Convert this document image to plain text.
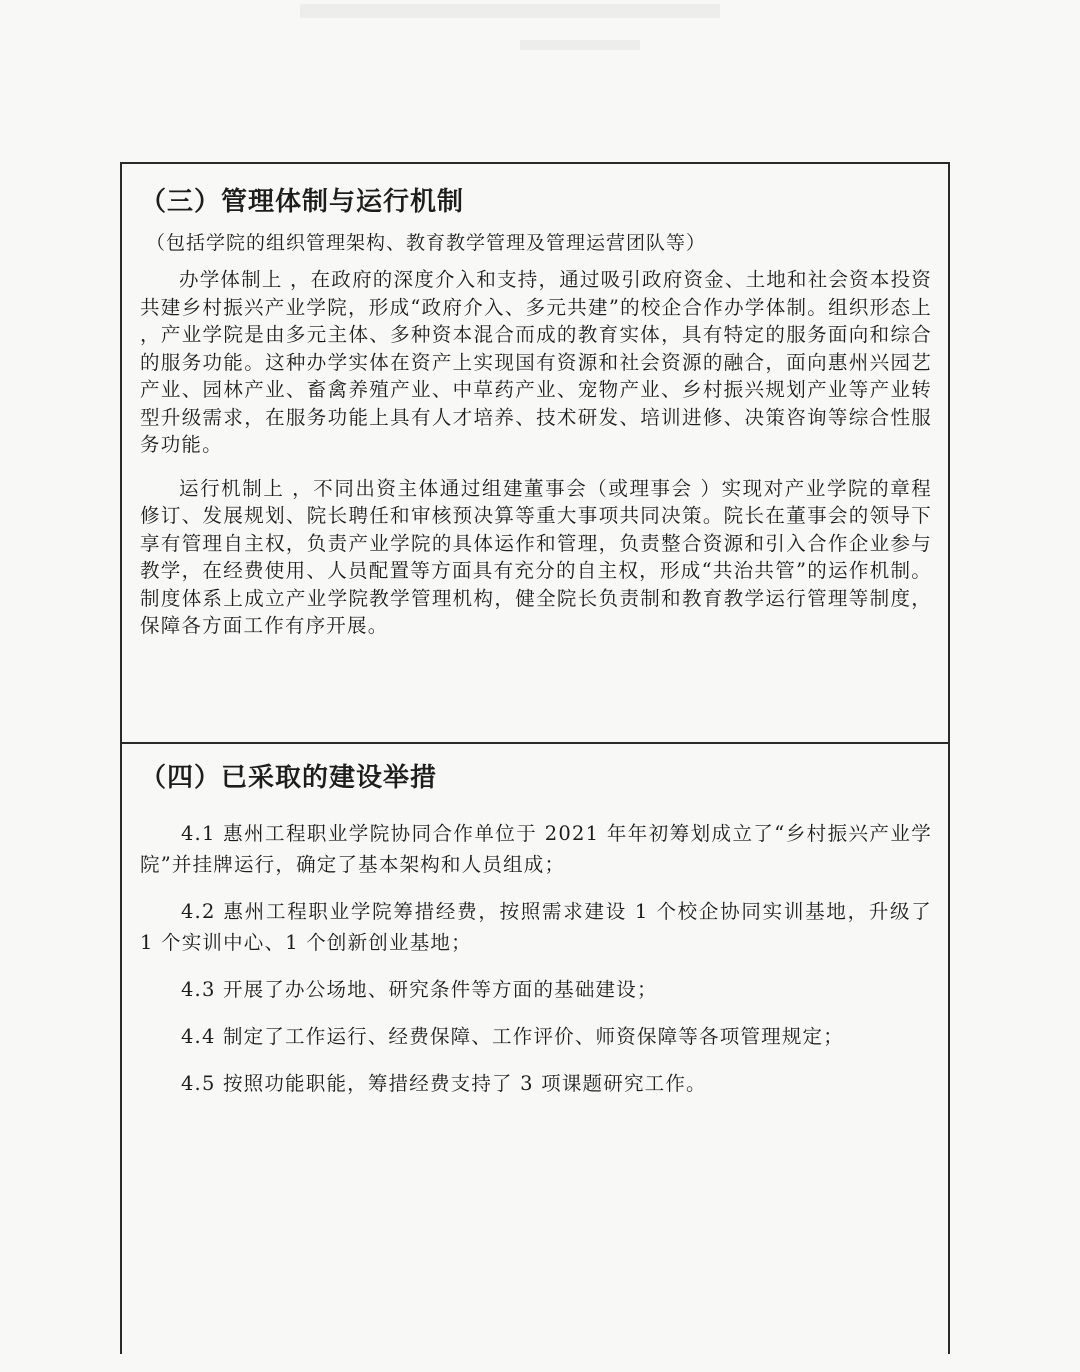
（三）管理体制与运行机制
（包括学院的组织管理架构、教育教学管理及管理运营团队等）

办学体制上 ，在政府的深度介入和支持，通过吸引政府资金、土地和社会资本投资共建乡村振兴产业学院，形成“政府介入、多元共建”的校企合作办学体制。组织形态上 ，产业学院是由多元主体、多种资本混合而成的教育实体，具有特定的服务面向和综合的服务功能。这种办学实体在资产上实现国有资源和社会资源的融合，面向惠州兴园艺产业、园林产业、畜禽养殖产业、中草药产业、宠物产业、乡村振兴规划产业等产业转型升级需求，在服务功能上具有人才培养、技术研发、培训进修、决策咨询等综合性服务功能。

运行机制上 ，不同出资主体通过组建董事会（或理事会 ）实现对产业学院的章程修订、发展规划、院长聘任和审核预决算等重大事项共同决策。院长在董事会的领导下享有管理自主权，负责产业学院的具体运作和管理，负责整合资源和引入合作企业参与教学，在经费使用、人员配置等方面具有充分的自主权，形成“共治共管”的运作机制。制度体系上成立产业学院教学管理机构，健全院长负责制和教育教学运行管理等制度，保障各方面工作有序开展。

（四）已采取的建设举措

4.1 惠州工程职业学院协同合作单位于 2021 年年初筹划成立了“乡村振兴产业学院”并挂牌运行，确定了基本架构和人员组成；

4.2 惠州工程职业学院筹措经费，按照需求建设 1 个校企协同实训基地，升级了 1 个实训中心、1 个创新创业基地；

4.3 开展了办公场地、研究条件等方面的基础建设；

4.4 制定了工作运行、经费保障、工作评价、师资保障等各项管理规定；

4.5 按照功能职能，筹措经费支持了 3 项课题研究工作。
